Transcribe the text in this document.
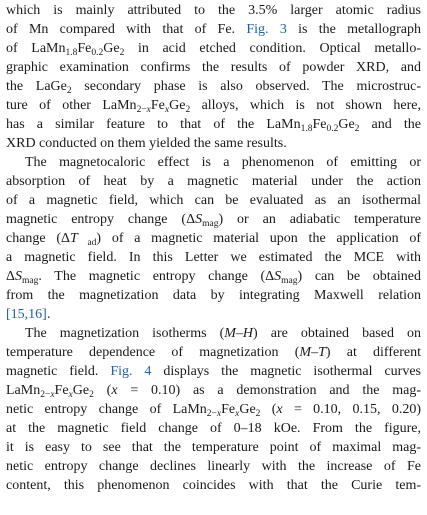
which is mainly attributed to the 3.5% larger atomic radius
of Mn compared with that of Fe. Fig. 3 is the metallograph
of $LaMn_{1.8}Fe_{0.2}Ge_2$ in acid etched condition. Optical metallo-
graphic examination confirms the results of powder XRD, and
the LaGe$_2$ secondary phase is also observed. The microstruc-
ture of other $LaMn_{2-x}Fe_xGe_2$ alloys, which is not shown here,
has a similar feature to that of the $LaMn_{1.8}Fe_{0.2}Ge_2$ and the
XRD conducted on them yielded the same results.
The magnetocaloric effect is a phenomenon of emitting or
absorption of heat by a magnetic material under the action
of a magnetic field, which can be evaluated as an isothermal
magnetic entropy change $(\Delta S_{mag})$ or an adiabatic temperature
change (ΔT $_{ad}$) of a magnetic material upon the application of
a magnetic field. In this Letter we estimated the MCE with
$\Delta S_{mag}$. The magnetic entropy change $(\Delta S_{mag})$ can be obtained
from the magnetization data by integrating Maxwell relation
[15,16].
The magnetization isotherms (M–H) are obtained based on
temperature dependence of magnetization (M–T) at different
magnetic field. Fig. 4 displays the magnetic isothermal curves
$LaMn_{2-x}Fe_xGe_2$ (x = 0.10) as a demonstration and the mag-
netic entropy change of $LaMn_{2-x}Fe_xGe_2$ (x = 0.10, 0.15, 0.20)
at the magnetic field change of 0–18 kOe. From the figure,
it is easy to see that the temperature point of maximal mag-
netic entropy change declines linearly with the increase of Fe
content, this phenomenon coincides with that the Curie tem-
